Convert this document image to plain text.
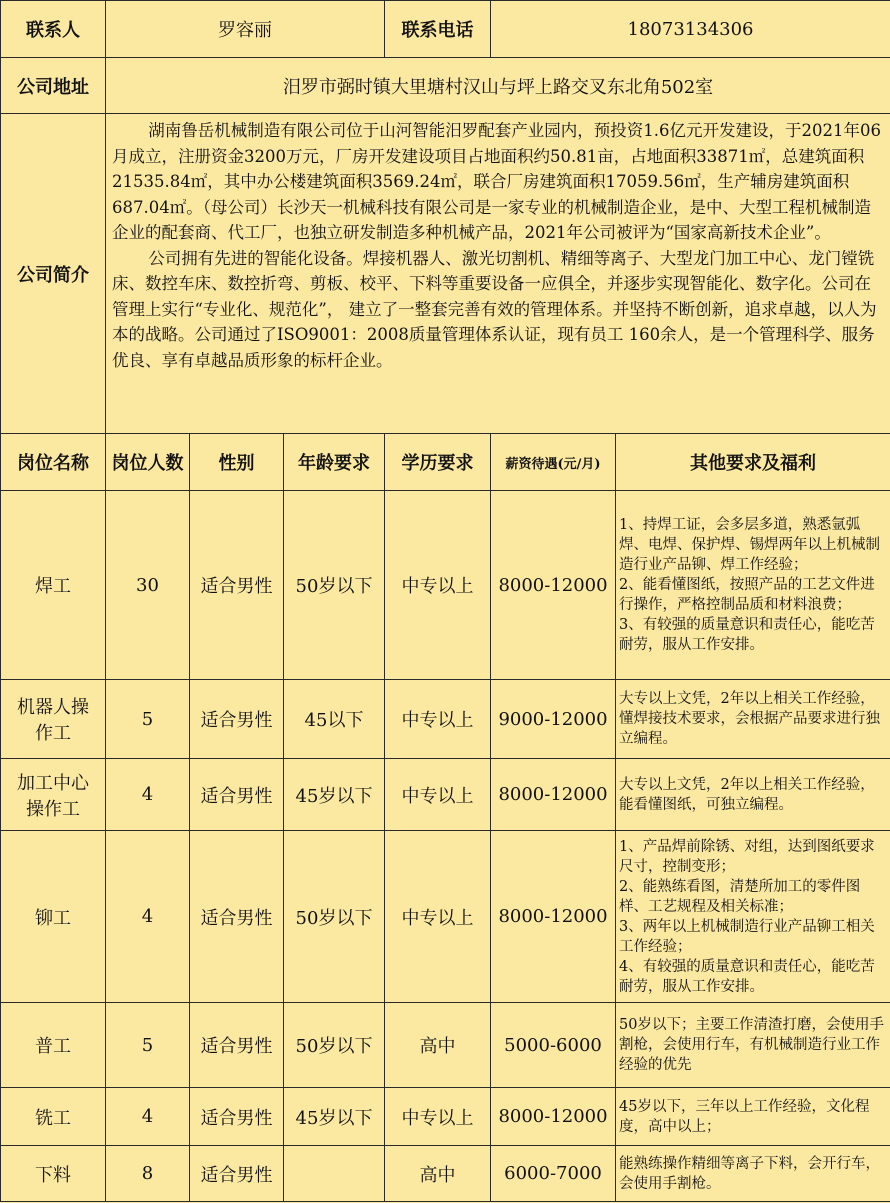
联系人	罗容丽			联系电话	18073134306	
公司地址	汨罗市弼时镇大里塘村汉山与坪上路交叉东北角502室					
公司简介	湖南鲁岳机械制造有限公司位于山河智能汨罗配套产业园内，预投资1.6亿元开发建设，于2021年06月成立，注册资金3200万元，厂房开发建设项目占地面积约50.81亩，占地面积33871㎡，总建筑面积21535.84㎡，其中办公楼建筑面积3569.24㎡，联合厂房建筑面积17059.56㎡，生产辅房建筑面积687.04㎡。（母公司）长沙天一机械科技有限公司是一家专业的机械制造企业，是中、大型工程机械制造企业的配套商、代工厂，也独立研发制造多种机械产品，2021年公司被评为“国家高新技术企业”。

公司拥有先进的智能化设备。焊接机器人、激光切割机、精细等离子、大型龙门加工中心、龙门镗铣床、数控车床、数控折弯、剪板、校平、下料等重要设备一应俱全，并逐步实现智能化、数字化。公司在管理上实行“专业化、规范化”， 建立了一整套完善有效的管理体系。并坚持不断创新，追求卓越，以人为本的战略。公司通过了ISO9001：2008质量管理体系认证，现有员工 160余人，是一个管理科学、服务优良、享有卓越品质形象的标杆企业。					

岗位名称	岗位人数	性别	年龄要求	学历要求	薪资待遇(元/月)	其他要求及福利
焊工	30	适合男性	50岁以下	中专以上	8000-12000	1、持焊工证，会多层多道，熟悉氩弧焊、电焊、保护焊、锡焊两年以上机械制造行业产品铆、焊工作经验；
2、能看懂图纸，按照产品的工艺文件进行操作，严格控制品质和材料浪费；
3、有较强的质量意识和责任心，能吃苦耐劳，服从工作安排。

机器人操作工	5	适合男性	45以下	中专以上	9000-12000	大专以上文凭，2年以上相关工作经验，懂焊接技术要求，会根据产品要求进行独立编程。

加工中心操作工	4	适合男性	45岁以下	中专以上	8000-12000	大专以上文凭，2年以上相关工作经验，能看懂图纸，可独立编程。

铆工	4	适合男性	50岁以下	中专以上	8000-12000	1、产品焊前除锈、对组，达到图纸要求尺寸，控制变形；
2、能熟练看图，清楚所加工的零件图样、工艺规程及相关标准；
3、两年以上机械制造行业产品铆工相关工作经验；
4、有较强的质量意识和责任心，能吃苦耐劳，服从工作安排。

普工	5	适合男性	50岁以下	高中	5000-6000	50岁以下；主要工作清渣打磨，会使用手割枪，会使用行车，有机械制造行业工作经验的优先

铣工	4	适合男性	45岁以下	中专以上	8000-12000	45岁以下，三年以上工作经验，文化程度，高中以上；

下料	8	适合男性		高中	6000-7000	能熟练操作精细等离子下料，会开行车，会使用手割枪。
